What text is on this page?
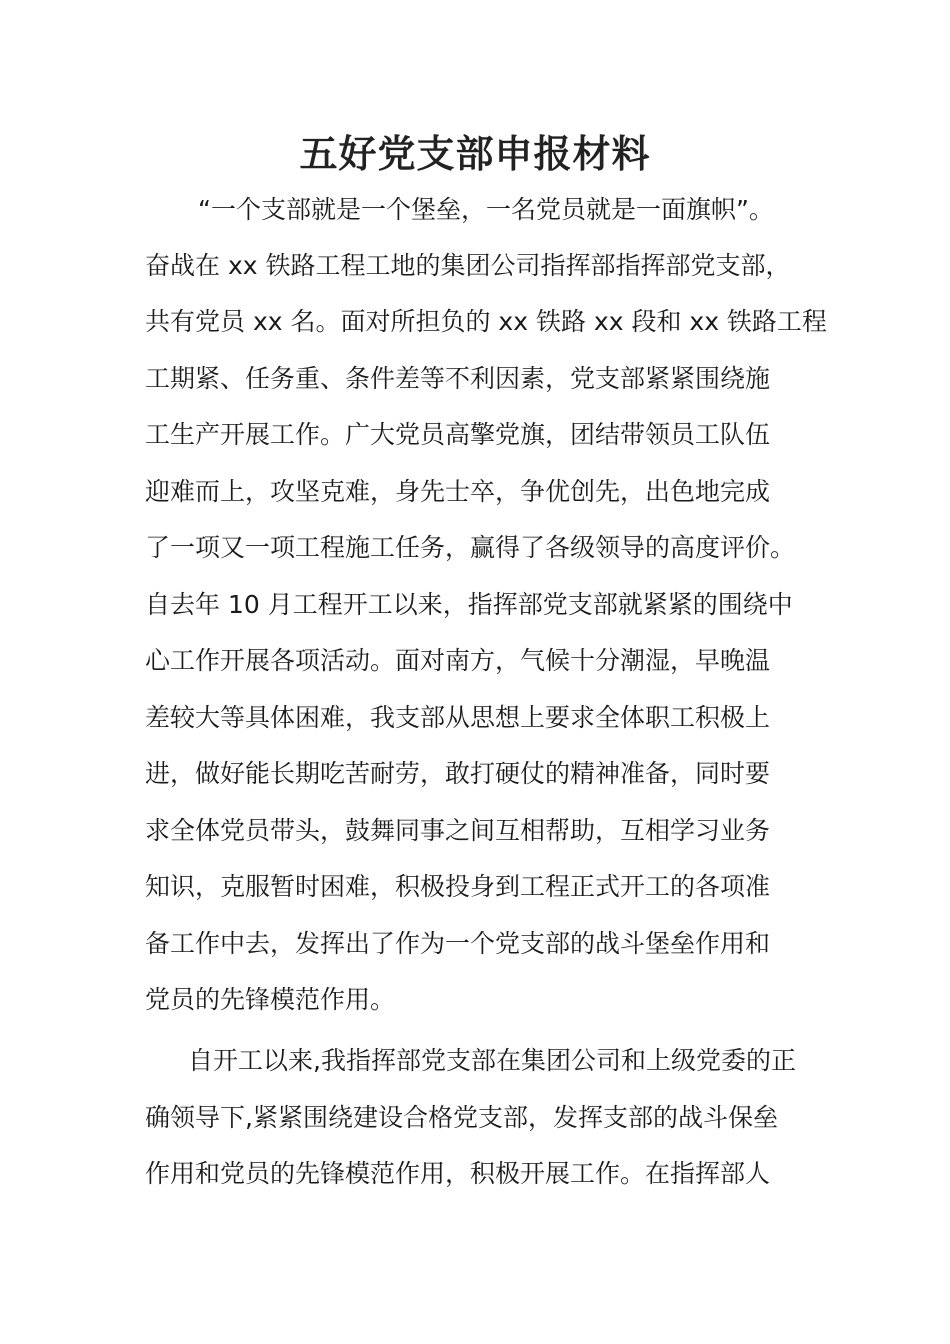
五好党支部申报材料
“一个支部就是一个堡垒，一名党员就是一面旗帜”。
奋战在 xx 铁路工程工地的集团公司指挥部指挥部党支部，
共有党员 xx 名。面对所担负的 xx 铁路 xx 段和 xx 铁路工程
工期紧、任务重、条件差等不利因素，党支部紧紧围绕施
工生产开展工作。广大党员高擎党旗，团结带领员工队伍
迎难而上，攻坚克难，身先士卒，争优创先，出色地完成
了一项又一项工程施工任务，赢得了各级领导的高度评价。
自去年 10 月工程开工以来，指挥部党支部就紧紧的围绕中
心工作开展各项活动。面对南方，气候十分潮湿，早晚温
差较大等具体困难，我支部从思想上要求全体职工积极上
进，做好能长期吃苦耐劳，敢打硬仗的精神准备，同时要
求全体党员带头，鼓舞同事之间互相帮助，互相学习业务
知识，克服暂时困难，积极投身到工程正式开工的各项准
备工作中去，发挥出了作为一个党支部的战斗堡垒作用和
党员的先锋模范作用。
自开工以来,我指挥部党支部在集团公司和上级党委的正
确领导下,紧紧围绕建设合格党支部，发挥支部的战斗保垒
作用和党员的先锋模范作用，积极开展工作。在指挥部人
